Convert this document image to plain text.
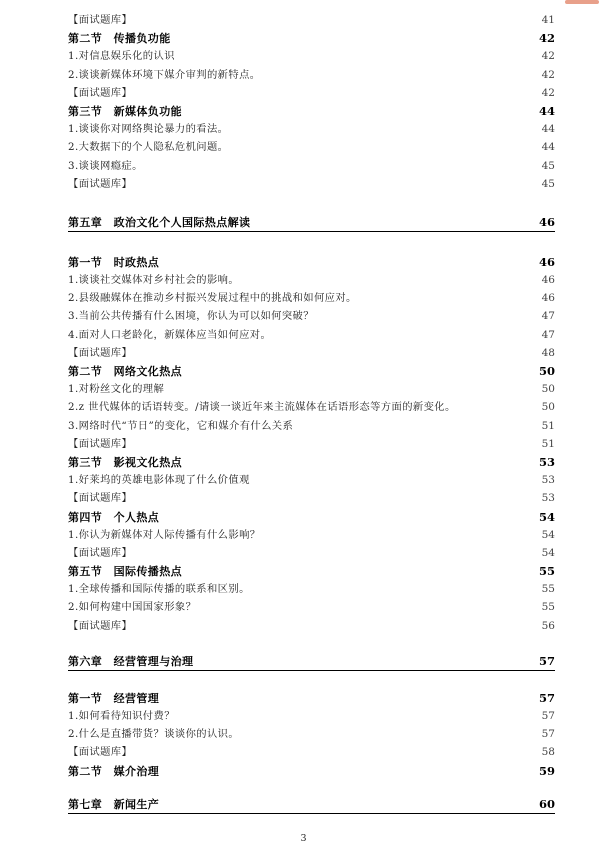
【面试题库】	41
第二节　传播负功能	42
1.对信息娱乐化的认识	42
2.谈谈新媒体环境下媒介审判的新特点。	42
【面试题库】	42
第三节　新媒体负功能	44
1.谈谈你对网络舆论暴力的看法。	44
2.大数据下的个人隐私危机问题。	44
3.谈谈网瘾症。	45
【面试题库】	45
第五章　政治文化个人国际热点解读	46
第一节　时政热点	46
1.谈谈社交媒体对乡村社会的影响。	46
2.县级融媒体在推动乡村振兴发展过程中的挑战和如何应对。	46
3.当前公共传播有什么困境，你认为可以如何突破？	47
4.面对人口老龄化，新媒体应当如何应对。	47
【面试题库】	48
第二节　网络文化热点	50
1.对粉丝文化的理解	50
2.z 世代媒体的话语转变。/请谈一谈近年来主流媒体在话语形态等方面的新变化。	50
3.网络时代“节日”的变化，它和媒介有什么关系	51
【面试题库】	51
第三节　影视文化热点	53
1.好莱坞的英雄电影体现了什么价值观	53
【面试题库】	53
第四节　个人热点	54
1.你认为新媒体对人际传播有什么影响？	54
【面试题库】	54
第五节　国际传播热点	55
1.全球传播和国际传播的联系和区别。	55
2.如何构建中国国家形象？	55
【面试题库】	56
第六章　经营管理与治理	57
第一节　经营管理	57
1.如何看待知识付费？	57
2.什么是直播带货？谈谈你的认识。	57
【面试题库】	58
第二节　媒介治理	59
第七章　新闻生产	60
3
